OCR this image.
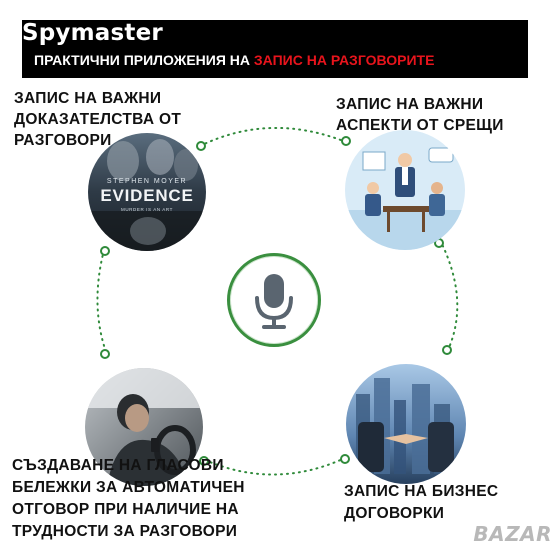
Spymaster
ПРАКТИЧНИ ПРИЛОЖЕНИЯ НА ЗАПИС НА РАЗГОВОРИТЕ
STEPHEN MOYER
EVIDENCE
MURDER IS AN ART
ЗАПИС НА ВАЖНИ
ДОКАЗАТЕЛСТВА ОТ
РАЗГОВОРИ
ЗАПИС НА ВАЖНИ
АСПЕКТИ ОТ СРЕЩИ
СЪЗДАВАНЕ НА ГЛАСОВИ
БЕЛЕЖКИ ЗА АВТОМАТИЧЕН
ОТГОВОР ПРИ НАЛИЧИЕ НА
ТРУДНОСТИ ЗА РАЗГОВОРИ
ЗАПИС НА БИЗНЕС
ДОГОВОРКИ
BAZAR
